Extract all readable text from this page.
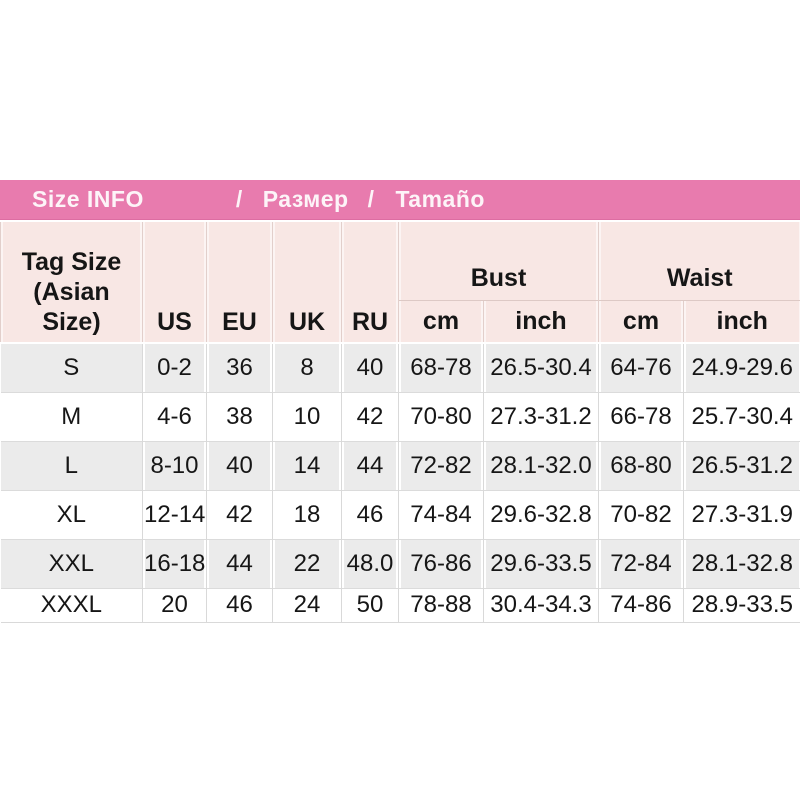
Size INFO	/ Размер / Tamaño
Tag Size
(Asian
Size)	US	EU	UK	RU	Bust		Waist	
					cm	inch	cm	inch
S	0-2	36	8	40	68-78	26.5-30.4	64-76	24.9-29.6
M	4-6	38	10	42	70-80	27.3-31.2	66-78	25.7-30.4
L	8-10	40	14	44	72-82	28.1-32.0	68-80	26.5-31.2
XL	12-14	42	18	46	74-84	29.6-32.8	70-82	27.3-31.9
XXL	16-18	44	22	48.0	76-86	29.6-33.5	72-84	28.1-32.8
XXXL	20	46	24	50	78-88	30.4-34.3	74-86	28.9-33.5
